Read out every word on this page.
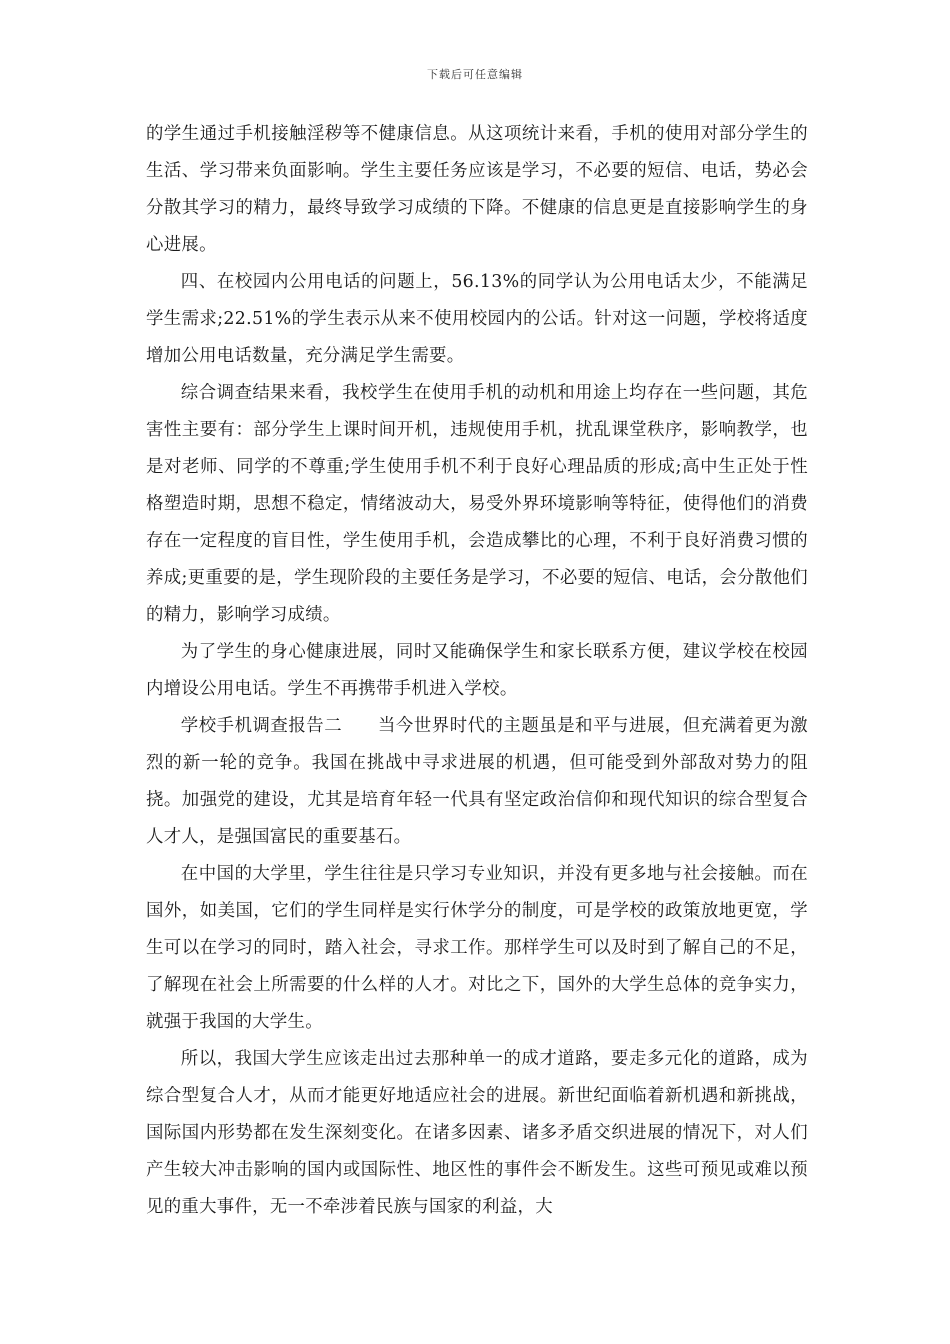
下载后可任意编辑

的学生通过手机接触淫秽等不健康信息。从这项统计来看，手机的使用对部分学生的生活、学习带来负面影响。学生主要任务应该是学习，不必要的短信、电话，势必会分散其学习的精力，最终导致学习成绩的下降。不健康的信息更是直接影响学生的身心进展。

四、在校园内公用电话的问题上，56.13%的同学认为公用电话太少，不能满足学生需求;22.51%的学生表示从来不使用校园内的公话。针对这一问题，学校将适度增加公用电话数量，充分满足学生需要。

综合调查结果来看，我校学生在使用手机的动机和用途上均存在一些问题，其危害性主要有：部分学生上课时间开机，违规使用手机，扰乱课堂秩序，影响教学，也是对老师、同学的不尊重;学生使用手机不利于良好心理品质的形成;高中生正处于性格塑造时期，思想不稳定，情绪波动大，易受外界环境影响等特征，使得他们的消费存在一定程度的盲目性，学生使用手机，会造成攀比的心理，不利于良好消费习惯的养成;更重要的是，学生现阶段的主要任务是学习，不必要的短信、电话，会分散他们的精力，影响学习成绩。

为了学生的身心健康进展，同时又能确保学生和家长联系方便，建议学校在校园内增设公用电话。学生不再携带手机进入学校。

学校手机调查报告二　　当今世界时代的主题虽是和平与进展，但充满着更为激烈的新一轮的竞争。我国在挑战中寻求进展的机遇，但可能受到外部敌对势力的阻挠。加强党的建设，尤其是培育年轻一代具有坚定政治信仰和现代知识的综合型复合人才人，是强国富民的重要基石。

在中国的大学里，学生往往是只学习专业知识，并没有更多地与社会接触。而在国外，如美国，它们的学生同样是实行休学分的制度，可是学校的政策放地更宽，学生可以在学习的同时，踏入社会，寻求工作。那样学生可以及时到了解自己的不足，了解现在社会上所需要的什么样的人才。对比之下，国外的大学生总体的竞争实力，就强于我国的大学生。

所以，我国大学生应该走出过去那种单一的成才道路，要走多元化的道路，成为综合型复合人才，从而才能更好地适应社会的进展。新世纪面临着新机遇和新挑战，国际国内形势都在发生深刻变化。在诸多因素、诸多矛盾交织进展的情况下，对人们产生较大冲击影响的国内或国际性、地区性的事件会不断发生。这些可预见或难以预见的重大事件，无一不牵涉着民族与国家的利益，大
